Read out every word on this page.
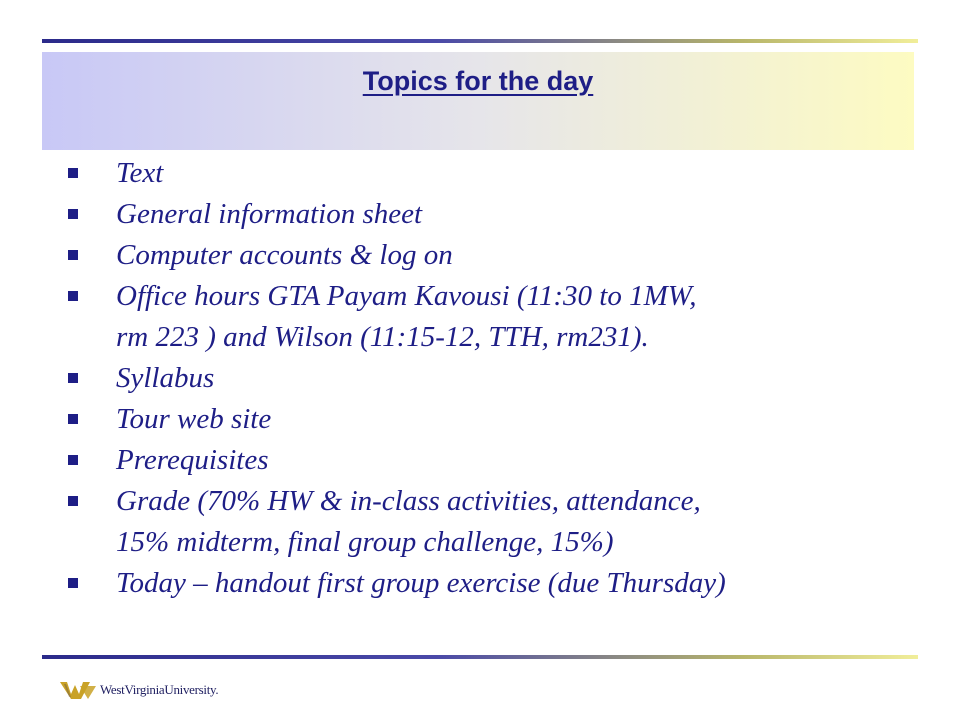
Topics for the day
Text
General information sheet
Computer accounts & log on
Office hours GTA Payam Kavousi (11:30 to 1MW,
rm 223 ) and Wilson (11:15-12, TTH, rm231).
Syllabus
Tour web site
Prerequisites
Grade (70% HW & in-class activities, attendance,
15% midterm, final group challenge, 15%)
Today – handout first group exercise (due Thursday)
WestVirginiaUniversity.
